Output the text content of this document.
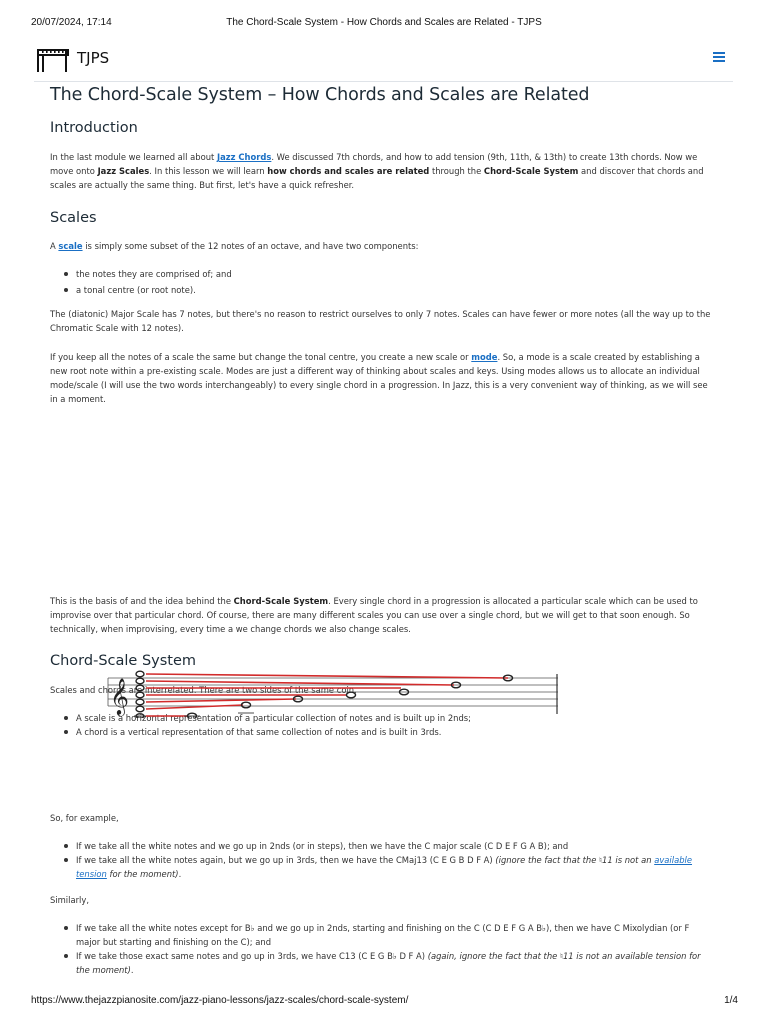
20/07/2024, 17:14	The Chord-Scale System - How Chords and Scales are Related - TJPS
TJPS
The Chord-Scale System – How Chords and Scales are Related
Introduction

In the last module we learned all about Jazz Chords. We discussed 7th chords, and how to add tension (9th, 11th, & 13th) to create 13th chords. Now we move onto Jazz Scales. In this lesson we will learn how chords and scales are related through the Chord-Scale System and discover that chords and scales are actually the same thing. But first, let's have a quick refresher.

Scales

A scale is simply some subset of the 12 notes of an octave, and have two components:

the notes they are comprised of; and
a tonal centre (or root note).

The (diatonic) Major Scale has 7 notes, but there's no reason to restrict ourselves to only 7 notes. Scales can have fewer or more notes (all the way up to the Chromatic Scale with 12 notes).

If you keep all the notes of a scale the same but change the tonal centre, you create a new scale or mode. So, a mode is a scale created by establishing a new root note within a pre-existing scale. Modes are just a different way of thinking about scales and keys. Using modes allows us to allocate an individual mode/scale (I will use the two words interchangeably) to every single chord in a progression. In Jazz, this is a very convenient way of thinking, as we will see in a moment.

This is the basis of and the idea behind the Chord-Scale System. Every single chord in a progression is allocated a particular scale which can be used to improvise over that particular chord. Of course, there are many different scales you can use over a single chord, but we will get to that soon enough. So technically, when improvising, every time a we change chords we also change scales.

Chord-Scale System

Scales and chords are interrelated. There are two sides of the same coin.

A scale is a horizontal representation of a particular collection of notes and is built up in 2nds;
A chord is a vertical representation of that same collection of notes and is built in 3rds.

So, for example,

If we take all the white notes and we go up in 2nds (or in steps), then we have the C major scale (C D E F G A B); and
If we take all the white notes again, but we go up in 3rds, then we have the CMaj13 (C E G B D F A) (ignore the fact that the ♮11 is not an available tension for the moment).

Similarly,

If we take all the white notes except for B♭ and we go up in 2nds, starting and finishing on the C (C D E F G A B♭), then we have C Mixolydian (or F major but starting and finishing on the C); and
If we take those exact same notes and go up in 3rds, we have C13 (C E G B♭ D F A) (again, ignore the fact that the ♮11 is not an available tension for the moment).
𝄞
https://www.thejazzpianosite.com/jazz-piano-lessons/jazz-scales/chord-scale-system/	1/4
